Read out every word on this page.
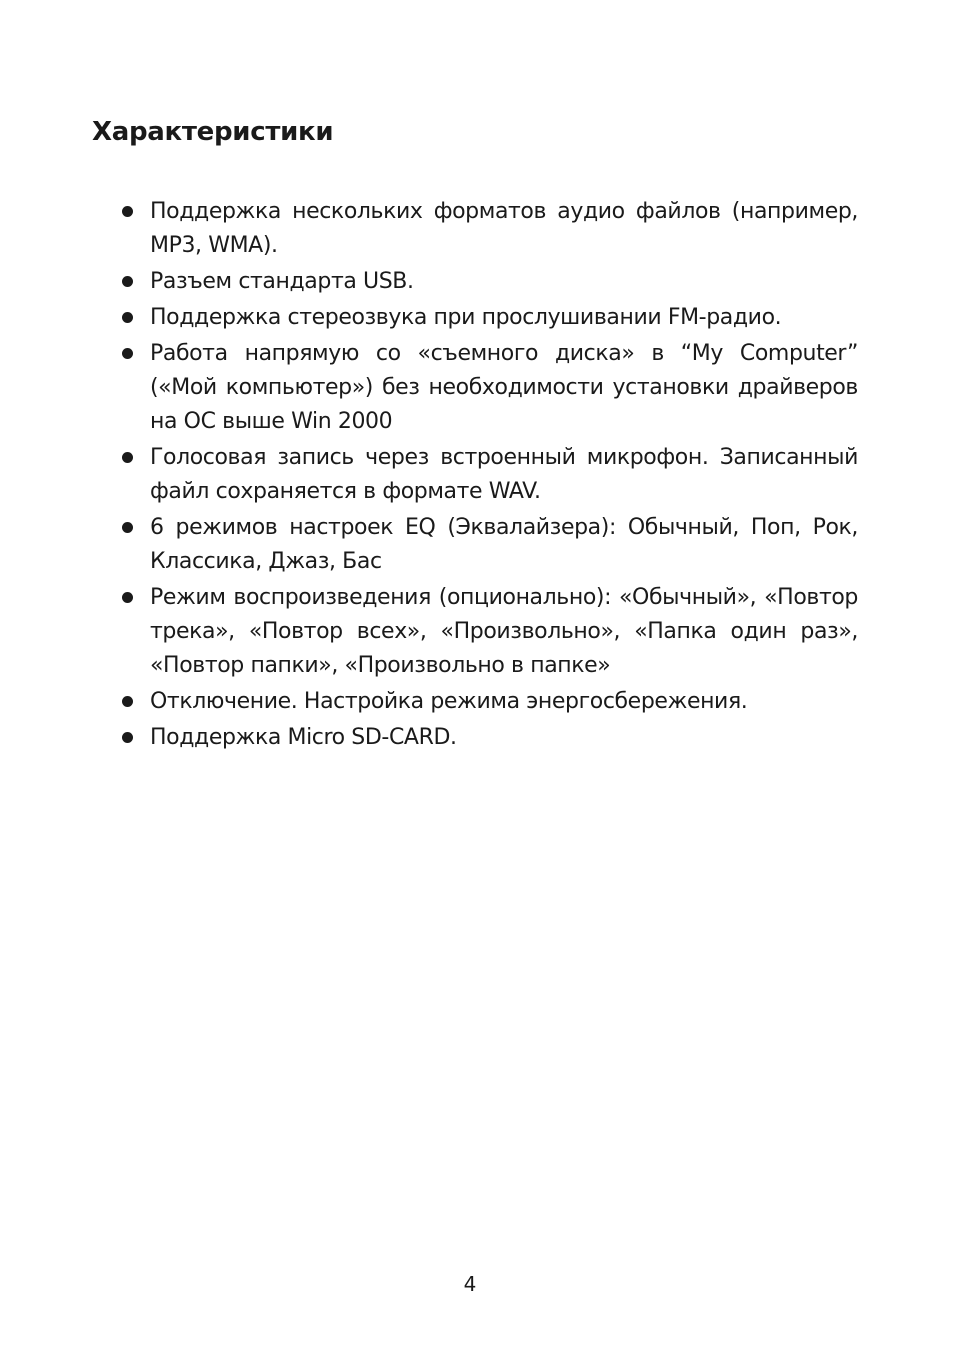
Характеристики
Поддержка нескольких форматов аудио файлов (например, MP3, WMA).
Разъем стандарта USB.
Поддержка стереозвука при прослушивании FM-радио.
Работа напрямую со «съемного диска» в “My Computer” («Мой компьютер») без необходимости установки драйверов на ОС выше Win 2000
Голосовая запись через встроенный микрофон. Записанный файл сохраняется в формате WAV.
6 режимов настроек EQ (Эквалайзера): Обычный, Поп, Рок, Классика, Джаз, Бас
Режим воспроизведения (опционально): «Обычный», «Повтор трека», «Повтор всех», «Произвольно», «Папка один раз», «Повтор папки», «Произвольно в папке»
Отключение. Настройка режима энергосбережения.
Поддержка Micro SD-CARD.
4
